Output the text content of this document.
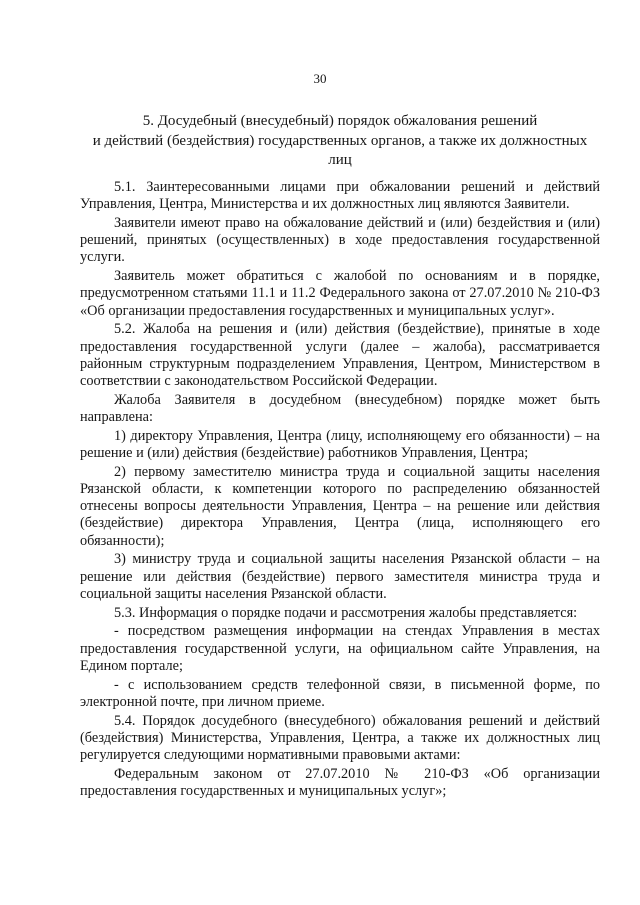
30
5. Досудебный (внесудебный) порядок обжалования решений
и действий (бездействия) государственных органов, а также их должностных
лиц

5.1. Заинтересованными лицами при обжаловании решений и действий Управления, Центра, Министерства и их должностных лиц являются Заявители.

Заявители имеют право на обжалование действий и (или) бездействия и (или) решений, принятых (осуществленных) в ходе предоставления государственной услуги.

Заявитель может обратиться с жалобой по основаниям и в порядке, предусмотренном статьями 11.1 и 11.2 Федерального закона от 27.07.2010 № 210-ФЗ «Об организации предоставления государственных и муниципальных услуг».

5.2. Жалоба на решения и (или) действия (бездействие), принятые в ходе предоставления государственной услуги (далее – жалоба), рассматривается районным структурным подразделением Управления, Центром, Министерством в соответствии с законодательством Российской Федерации.

Жалоба Заявителя в досудебном (внесудебном) порядке может быть направлена:

1) директору Управления, Центра (лицу, исполняющему его обязанности) – на решение и (или) действия (бездействие) работников Управления, Центра;

2) первому заместителю министра труда и социальной защиты населения Рязанской области, к компетенции которого по распределению обязанностей отнесены вопросы деятельности Управления, Центра – на решение или действия (бездействие) директора Управления, Центра (лица, исполняющего его обязанности);

3) министру труда и социальной защиты населения Рязанской области – на решение или действия (бездействие) первого заместителя министра труда и социальной защиты населения Рязанской области.

5.3. Информация о порядке подачи и рассмотрения жалобы представляется:

- посредством размещения информации на стендах Управления в местах предоставления государственной услуги, на официальном сайте Управления, на Едином портале;

- с использованием средств телефонной связи, в письменной форме, по электронной почте, при личном приеме.

5.4. Порядок досудебного (внесудебного) обжалования решений и действий (бездействия) Министерства, Управления, Центра, а также их должностных лиц регулируется следующими нормативными правовыми актами:

Федеральным законом от 27.07.2010 № 210-ФЗ «Об организации предоставления государственных и муниципальных услуг»;
